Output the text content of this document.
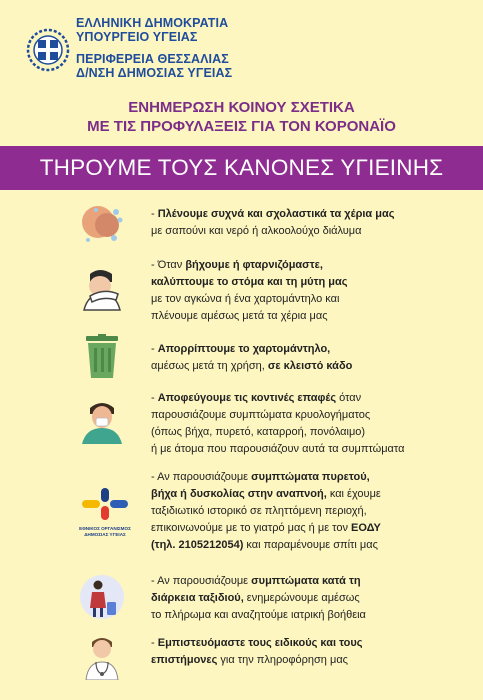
ΕΛΛΗΝΙΚΗ ΔΗΜΟΚΡΑΤΙΑ
ΥΠΟΥΡΓΕΙΟ ΥΓΕΙΑΣ
ΠΕΡΙΦΕΡΕΙΑ ΘΕΣΣΑΛΙΑΣ
Δ/ΝΣΗ ΔΗΜΟΣΙΑΣ ΥΓΕΙΑΣ
ΕΝΗΜΕΡΩΣΗ ΚΟΙΝΟΥ ΣΧΕΤΙΚΑ
ΜΕ ΤΙΣ ΠΡΟΦΥΛΑΞΕΙΣ ΓΙΑ ΤΟΝ ΚΟΡΟΝΑΪΟ
ΤΗΡΟΥΜΕ ΤΟΥΣ ΚΑΝΟΝΕΣ ΥΓΙΕΙΝΗΣ
- Πλένουμε συχνά και σχολαστικά τα χέρια μας
με σαπούνι και νερό ή αλκοολούχο διάλυμα
- Όταν βήχουμε ή φταρνιζόμαστε,
καλύπτουμε το στόμα και τη μύτη μας
με τον αγκώνα ή ένα χαρτομάντηλο και
πλένουμε αμέσως μετά τα χέρια μας
- Απορρίπτουμε το χαρτομάντηλο,
αμέσως μετά τη χρήση, σε κλειστό κάδο
- Αποφεύγουμε τις κοντινές επαφές όταν
παρουσιάζουμε συμπτώματα κρυολογήματος
(όπως βήχα, πυρετό, καταρροή, πονόλαιμο)
ή με άτομα που παρουσιάζουν αυτά τα συμπτώματα
ΕΘΝΙΚΟΣ ΟΡΓΑΝΙΣΜΟΣ
ΔΗΜΟΣΙΑΣ ΥΓΕΙΑΣ
- Αν παρουσιάζουμε συμπτώματα πυρετού,
βήχα ή δυσκολίας στην αναπνοή, και έχουμε
ταξιδιωτικό ιστορικό σε πληττόμενη περιοχή,
επικοινωνούμε με το γιατρό μας ή με τον ΕΟΔΥ
(τηλ. 2105212054) και παραμένουμε σπίτι μας
- Αν παρουσιάζουμε συμπτώματα κατά τη
διάρκεια ταξιδιού, ενημερώνουμε αμέσως
το πλήρωμα και αναζητούμε ιατρική βοήθεια
- Εμπιστευόμαστε τους ειδικούς και τους
επιστήμονες για την πληροφόρηση μας
